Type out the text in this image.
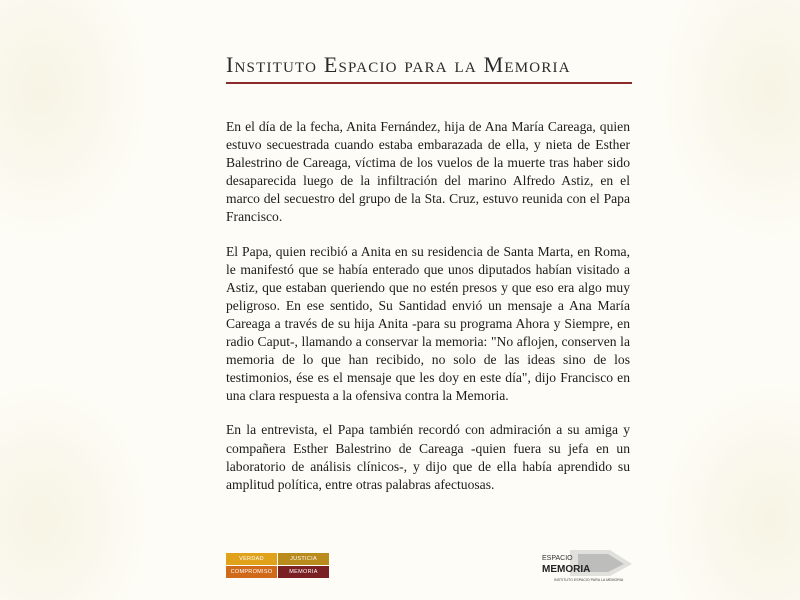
Instituto Espacio para la Memoria

En el día de la fecha, Anita Fernández, hija de Ana María Careaga, quien estuvo secuestrada cuando estaba embarazada de ella, y nieta de Esther Balestrino de Careaga, víctima de los vuelos de la muerte tras haber sido desaparecida luego de la infiltración del marino Alfredo Astiz, en el marco del secuestro del grupo de la Sta. Cruz, estuvo reunida con el Papa Francisco.

El Papa, quien recibió a Anita en su residencia de Santa Marta, en Roma, le manifestó que se había enterado que unos diputados habían visitado a Astiz, que estaban queriendo que no estén presos y que eso era algo muy peligroso. En ese sentido, Su Santidad envió un mensaje a Ana María Careaga a través de su hija Anita -para su programa Ahora y Siempre, en radio Caput-, llamando a conservar la memoria: "No aflojen, conserven la memoria de lo que han recibido, no solo de las ideas sino de los testimonios, ése es el mensaje que les doy en este día", dijo Francisco en una clara respuesta a la ofensiva contra la Memoria.

En la entrevista, el Papa también recordó con admiración a su amiga y compañera Esther Balestrino de Careaga -quien fuera su jefa en un laboratorio de análisis clínicos-, y dijo que de ella había aprendido su amplitud política, entre otras palabras afectuosas.

VERDAD	JUSTICIA
COMPROMISO	MEMORIA
ESPACIO
MEMORIA
INSTITUTO ESPACIO PARA LA MEMORIA
